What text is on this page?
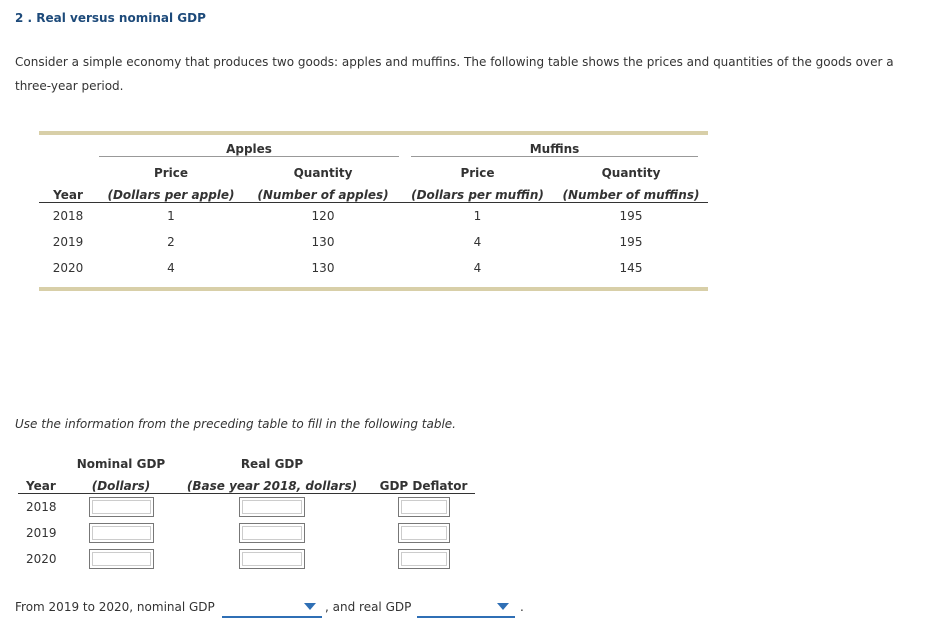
2 . Real versus nominal GDP
Consider a simple economy that produces two goods: apples and muffins. The following table shows the prices and quantities of the goods over a three-year period.

	Apples		Muffins	

	Price	Quantity	Price	Quantity
Year	(Dollars per apple)	(Number of apples)	(Dollars per muffin)	(Number of muffins)
2018	1	120	1	195
2019	2	130	4	195
2020	4	130	4	145
Use the information from the preceding table to fill in the following table.
	Nominal GDP	Real GDP	
Year	(Dollars)	(Base year 2018, dollars)	GDP Deflator
2018			
2019			
2020			
From 2019 to 2020, nominal GDP	, and real GDP	.
